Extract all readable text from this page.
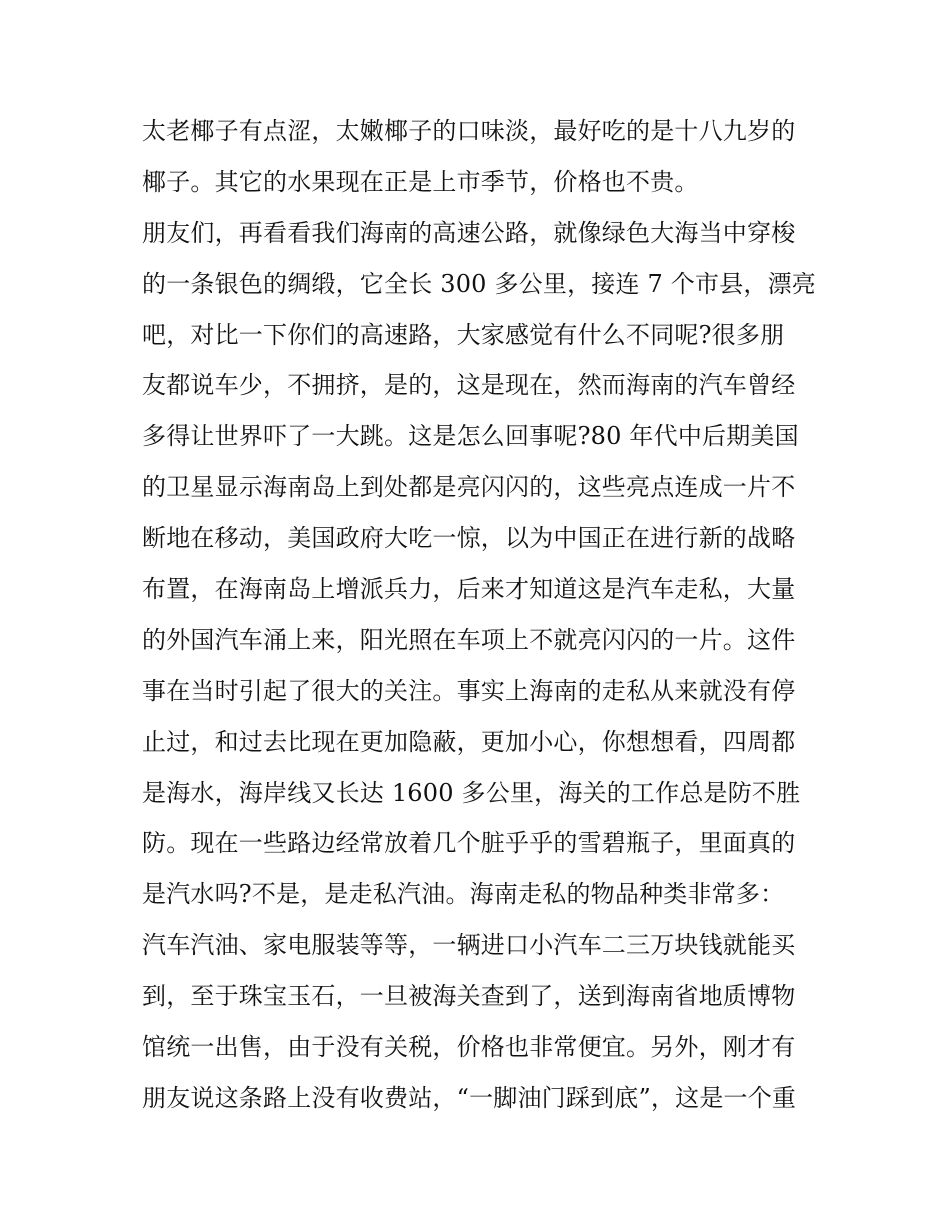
太老椰子有点涩，太嫩椰子的口味淡，最好吃的是十八九岁的
椰子。其它的水果现在正是上市季节，价格也不贵。
朋友们，再看看我们海南的高速公路，就像绿色大海当中穿梭
的一条银色的绸缎，它全长 300 多公里，接连 7 个市县，漂亮
吧，对比一下你们的高速路，大家感觉有什么不同呢?很多朋
友都说车少，不拥挤，是的，这是现在，然而海南的汽车曾经
多得让世界吓了一大跳。这是怎么回事呢?80 年代中后期美国
的卫星显示海南岛上到处都是亮闪闪的，这些亮点连成一片不
断地在移动，美国政府大吃一惊，以为中国正在进行新的战略
布置，在海南岛上增派兵力，后来才知道这是汽车走私，大量
的外国汽车涌上来，阳光照在车项上不就亮闪闪的一片。这件
事在当时引起了很大的关注。事实上海南的走私从来就没有停
止过，和过去比现在更加隐蔽，更加小心，你想想看，四周都
是海水，海岸线又长达 1600 多公里，海关的工作总是防不胜
防。现在一些路边经常放着几个脏乎乎的雪碧瓶子，里面真的
是汽水吗?不是，是走私汽油。海南走私的物品种类非常多：
汽车汽油、家电服装等等，一辆进口小汽车二三万块钱就能买
到，至于珠宝玉石，一旦被海关查到了，送到海南省地质博物
馆统一出售，由于没有关税，价格也非常便宜。另外，刚才有
朋友说这条路上没有收费站，“一脚油门踩到底”，这是一个重
